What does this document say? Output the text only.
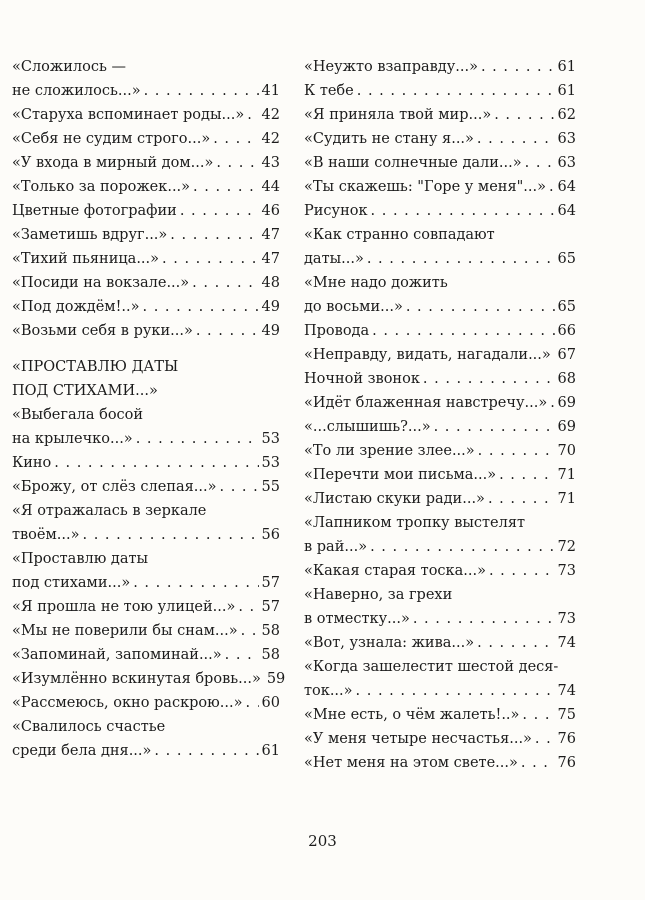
«Сложилось —
не сложилось...» . . .	41
«Старуха вспоминает роды...» . . . 42
«Себя не судим строго...» . . .	42
«У входа в мирный дом...» . . .	43
«Только за порожек...» . . .	44
Цветные фотографии . . .	46
«Заметишь вдруг...» . . .	47
«Тихий пьяница...» . . .	47
«Посиди на вокзале...» . . .	48
«Под дождём!..» . . .	49
«Возьми себя в руки...» . . .	49
«ПРОСТАВЛЮ ДАТЫ
ПОД СТИХАМИ...»
«Выбегала босой
на крылечко...» . . .	53
Кино . . .	53
«Брожу, от слёз слепая...» . . .	55
«Я отражалась в зеркале
твоём...» . . .	56
«Проставлю даты
под стихами...» . . .	57
«Я прошла не тою улицей...» . . . 57
«Мы не поверили бы снам...» . . . 58
«Запоминай, запоминай...» . . .	58
«Изумлённо вскинутая бровь...» 59
«Рассмеюсь, окно раскрою...» . . . 60
«Свалилось счастье
среди бела дня...» . . .	61
«Неужто взаправду...» . . .	61
К тебе . . .	61
«Я приняла твой мир...» . . .	62
«Судить не стану я...» . . .	63
«В наши солнечные дали...» . . . 63
«Ты скажешь: "Горе у меня"...» . . . 64
Рисунок . . .	64
«Как странно совпадают
даты...» . . .	65
«Мне надо дожить
до восьми...» . . .	65
Провода . . .	66
«Неправду, видать, нагадали...» . . . 67
Ночной звонок . . .	68
«Идёт блаженная навстречу...» . . . 69
«...слышишь?...» . . .	69
«То ли зрение злее...» . . .	70
«Перечти мои письма...» . . .	71
«Листаю скуки ради...» . . .	71
«Лапником тропку выстелят
в рай...» . . .	72
«Какая старая тоска...» . . .	73
«Наверно, за грехи
в отместку...» . . .	73
«Вот, узнала: жива...» . . .	74
«Когда зашелестит шестой деся-
ток...» . . .	74
«Мне есть, о чём жалеть!..» . . .	75
«У меня четыре несчастья...» . . . 76
«Нет меня на этом свете...» . . .	76
203
